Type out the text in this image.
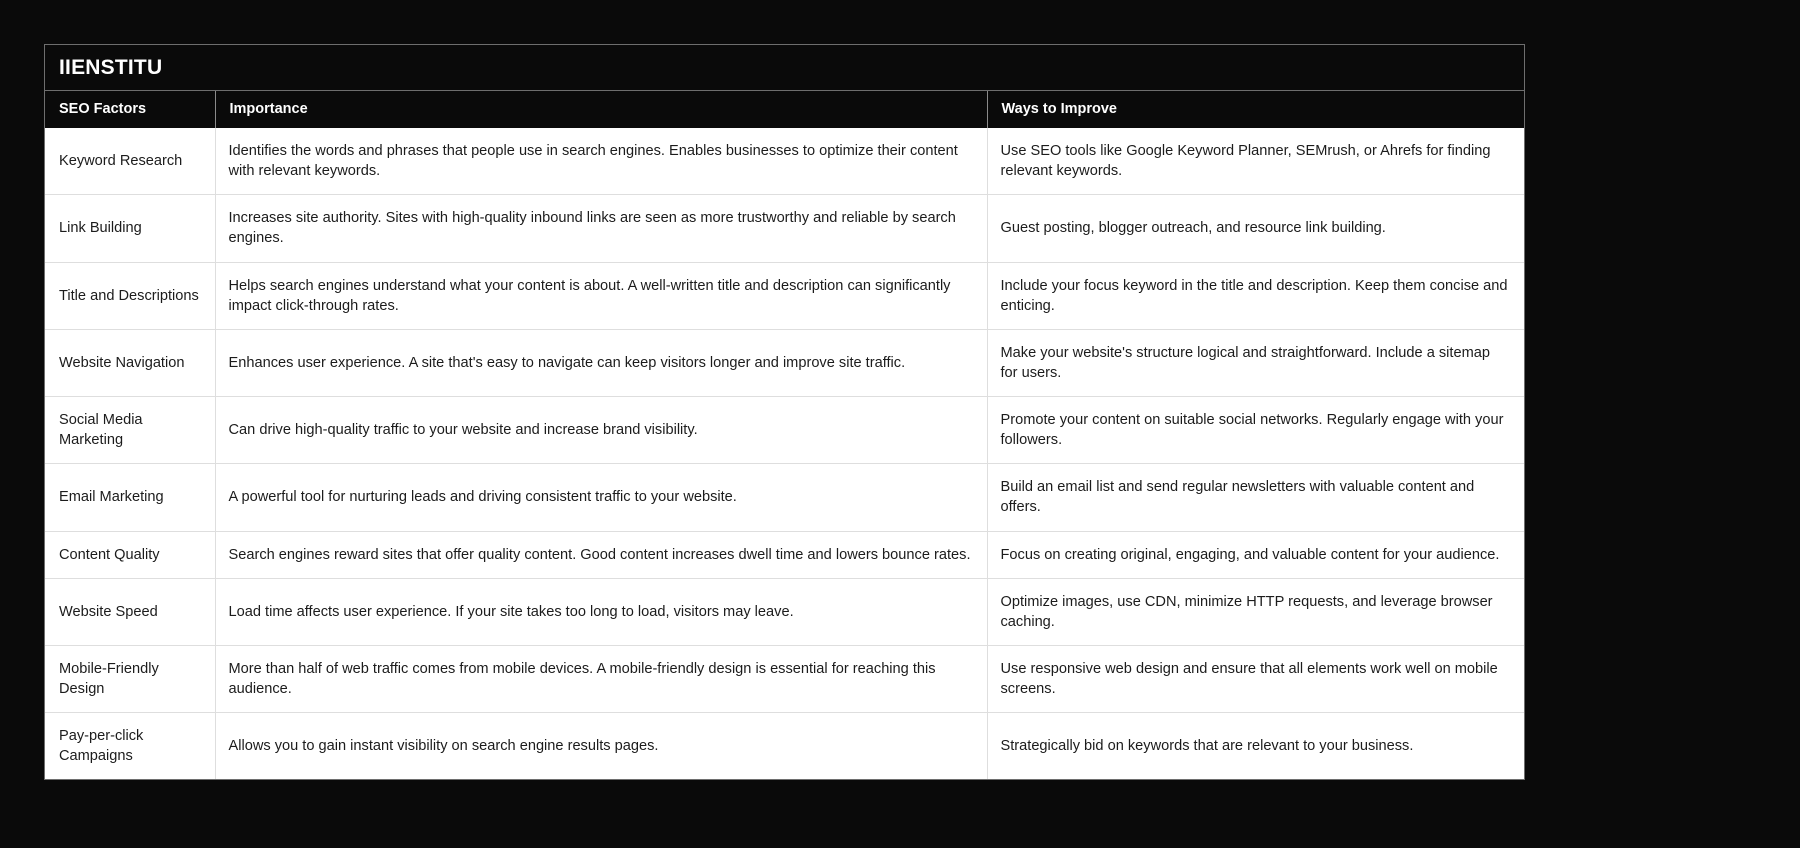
IIENSTITU
SEO Factors	Importance	Ways to Improve
Keyword Research	Identifies the words and phrases that people use in search engines. Enables businesses to optimize their content with relevant keywords.	Use SEO tools like Google Keyword Planner, SEMrush, or Ahrefs for finding relevant keywords.
Link Building	Increases site authority. Sites with high-quality inbound links are seen as more trustworthy and reliable by search engines.	Guest posting, blogger outreach, and resource link building.
Title and Descriptions	Helps search engines understand what your content is about. A well-written title and description can significantly impact click-through rates.	Include your focus keyword in the title and description. Keep them concise and enticing.
Website Navigation	Enhances user experience. A site that's easy to navigate can keep visitors longer and improve site traffic.	Make your website's structure logical and straightforward. Include a sitemap for users.
Social Media Marketing	Can drive high-quality traffic to your website and increase brand visibility.	Promote your content on suitable social networks. Regularly engage with your followers.
Email Marketing	A powerful tool for nurturing leads and driving consistent traffic to your website.	Build an email list and send regular newsletters with valuable content and offers.
Content Quality	Search engines reward sites that offer quality content. Good content increases dwell time and lowers bounce rates.	Focus on creating original, engaging, and valuable content for your audience.
Website Speed	Load time affects user experience. If your site takes too long to load, visitors may leave.	Optimize images, use CDN, minimize HTTP requests, and leverage browser caching.
Mobile-Friendly Design	More than half of web traffic comes from mobile devices. A mobile-friendly design is essential for reaching this audience.	Use responsive web design and ensure that all elements work well on mobile screens.
Pay-per-click Campaigns	Allows you to gain instant visibility on search engine results pages.	Strategically bid on keywords that are relevant to your business.
